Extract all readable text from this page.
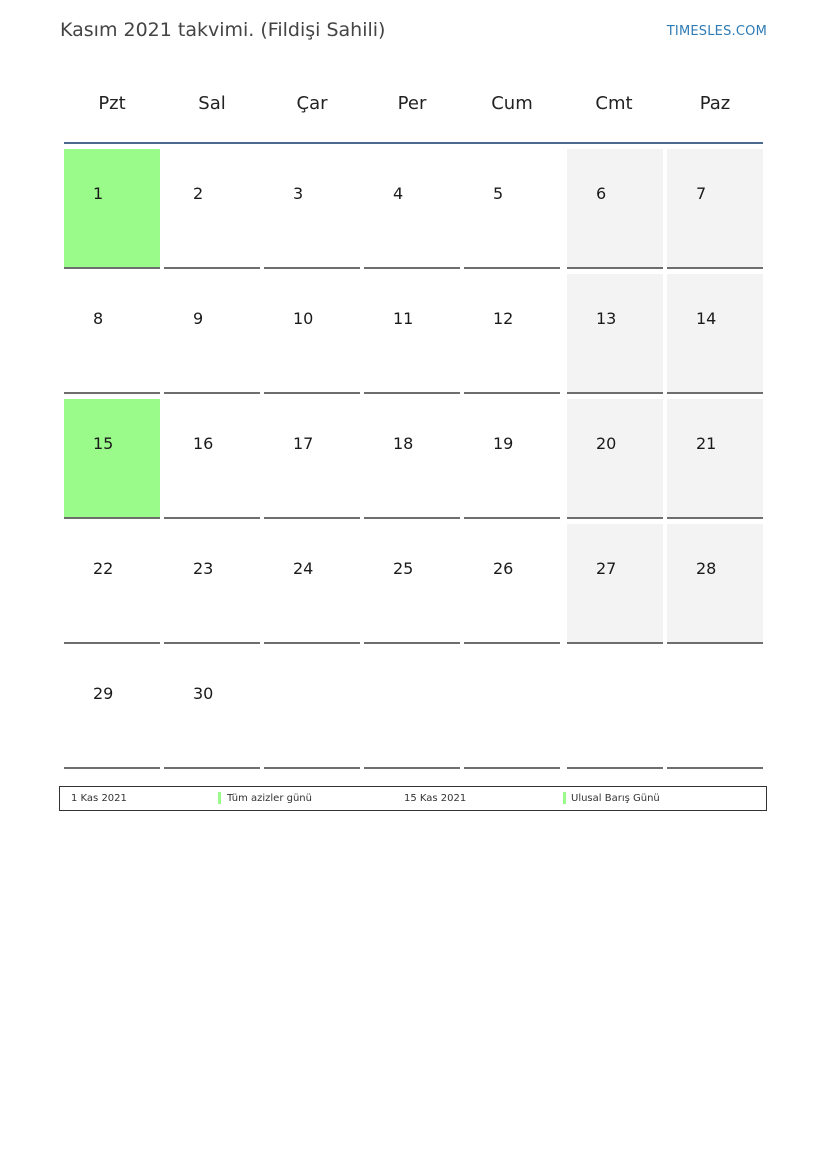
Kasım 2021 takvimi. (Fildişi Sahili)	TIMESLES.COM
Pzt	Sal	Çar	Per	Cum	Cmt	Paz
1	2	3	4	5	6	7
8	9	10	11	12	13	14
15	16	17	18	19	20	21
22	23	24	25	26	27	28
29	30
1 Kas 2021	Tüm azizler günü	15 Kas 2021	Ulusal Barış Günü
